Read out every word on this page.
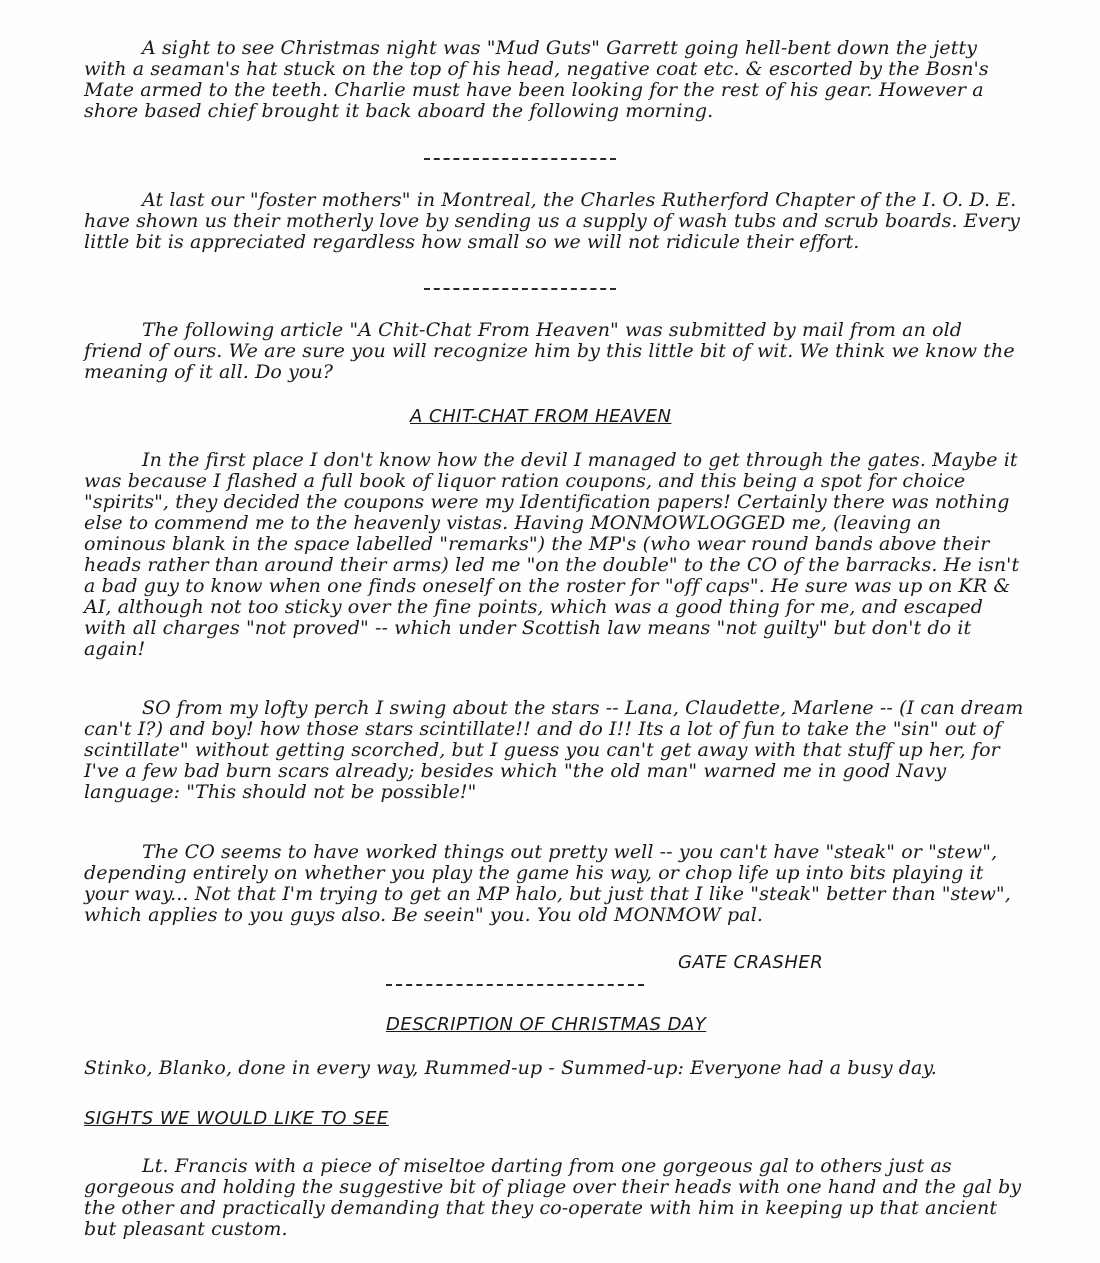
A sight to see Christmas night was "Mud Guts" Garrett going hell-bent down the jetty with a seaman's hat stuck on the top of his head, negative coat etc. & escorted by the Bosn's Mate armed to the teeth. Charlie must have been looking for the rest of his gear. However a shore based chief brought it back aboard the following morning.

At last our "foster mothers" in Montreal, the Charles Rutherford Chapter of the I. O. D. E. have shown us their motherly love by sending us a supply of wash tubs and scrub boards. Every little bit is appreciated regardless how small so we will not ridicule their effort.

The following article "A Chit-Chat From Heaven" was submitted by mail from an old friend of ours. We are sure you will recognize him by this little bit of wit. We think we know the meaning of it all. Do you?

A CHIT-CHAT FROM HEAVEN

In the first place I don't know how the devil I managed to get through the gates. Maybe it was because I flashed a full book of liquor ration coupons, and this being a spot for choice "spirits", they decided the coupons were my Identification papers! Certainly there was nothing else to commend me to the heavenly vistas. Having MONMOWLOGGED me, (leaving an ominous blank in the space labelled "remarks") the MP's (who wear round bands above their heads rather than around their arms) led me "on the double" to the CO of the barracks. He isn't a bad guy to know when one finds oneself on the roster for "off caps". He sure was up on KR & AI, although not too sticky over the fine points, which was a good thing for me, and escaped with all charges "not proved" -- which under Scottish law means "not guilty" but don't do it again!

SO from my lofty perch I swing about the stars -- Lana, Claudette, Marlene -- (I can dream can't I?) and boy! how those stars scintillate!! and do I!! Its a lot of fun to take the "sin" out of scintillate" without getting scorched, but I guess you can't get away with that stuff up her, for I've a few bad burn scars already; besides which "the old man" warned me in good Navy language: "This should not be possible!"

The CO seems to have worked things out pretty well -- you can't have "steak" or "stew", depending entirely on whether you play the game his way, or chop life up into bits playing it your way... Not that I'm trying to get an MP halo, but just that I like "steak" better than "stew", which applies to you guys also. Be seein" you. You old MONMOW pal.

GATE CRASHER

DESCRIPTION OF CHRISTMAS DAY

Stinko, Blanko, done in every way, Rummed-up - Summed-up: Everyone had a busy day.

SIGHTS WE WOULD LIKE TO SEE

Lt. Francis with a piece of miseltoe darting from one gorgeous gal to others just as gorgeous and holding the suggestive bit of pliage over their heads with one hand and the gal by the other and practically demanding that they co-operate with him in keeping up that ancient but pleasant custom.
